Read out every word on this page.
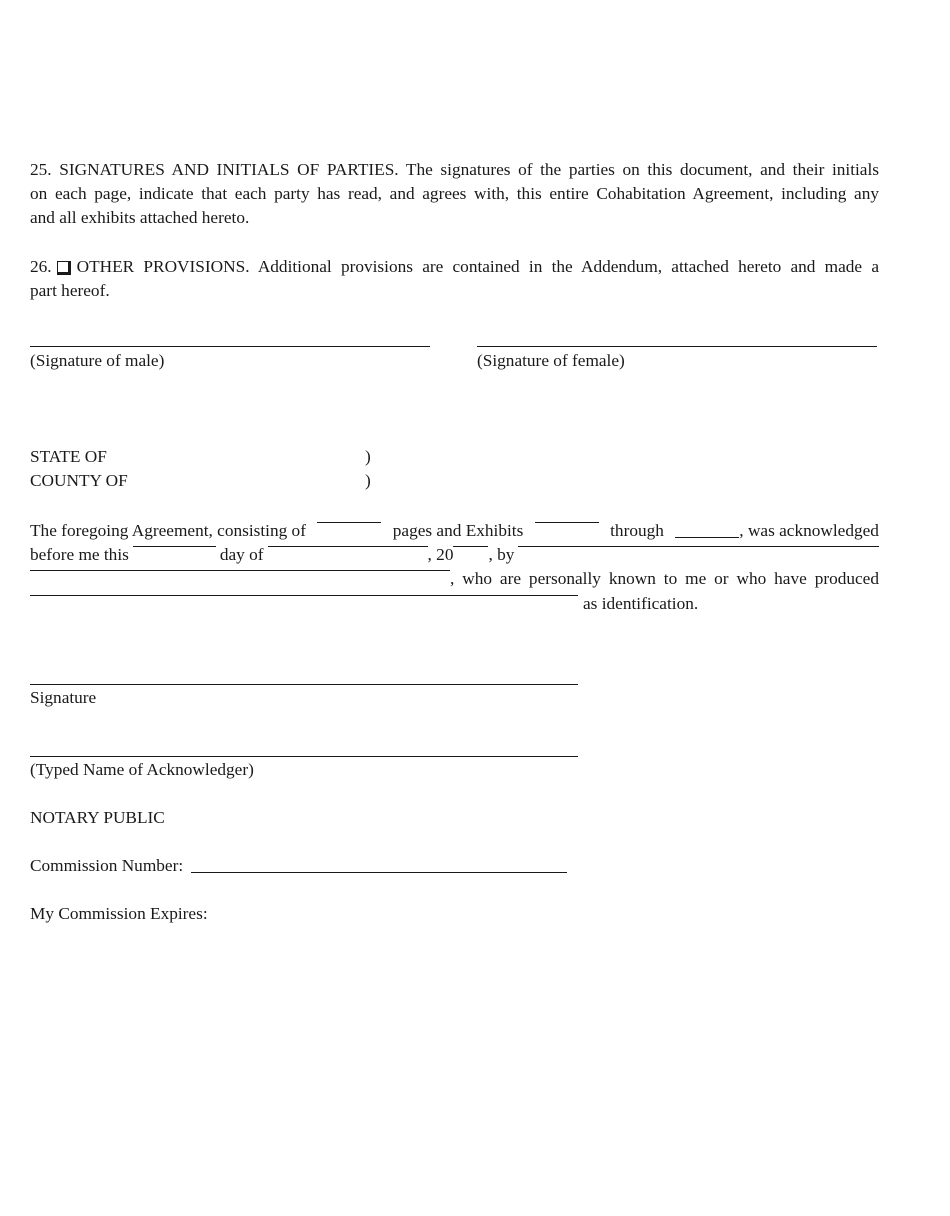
25. SIGNATURES AND INITIALS OF PARTIES. The signatures of the parties on this document, and their initials
on each page, indicate that each party has read, and agrees with, this entire Cohabitation Agreement, including any
and all exhibits attached hereto.
26. OTHER PROVISIONS. Additional provisions are contained in the Addendum, attached hereto and made a
part hereof.
(Signature of male)	(Signature of female)
STATE OF	)
COUNTY OF	)
The foregoing Agreement, consisting of	pages and Exhibits	through	, was acknowledged
before me this	day of	, 20 , by
, who are personally known to me or who have produced
as identification.
Signature
(Typed Name of Acknowledger)
NOTARY PUBLIC
Commission Number:
My Commission Expires:
